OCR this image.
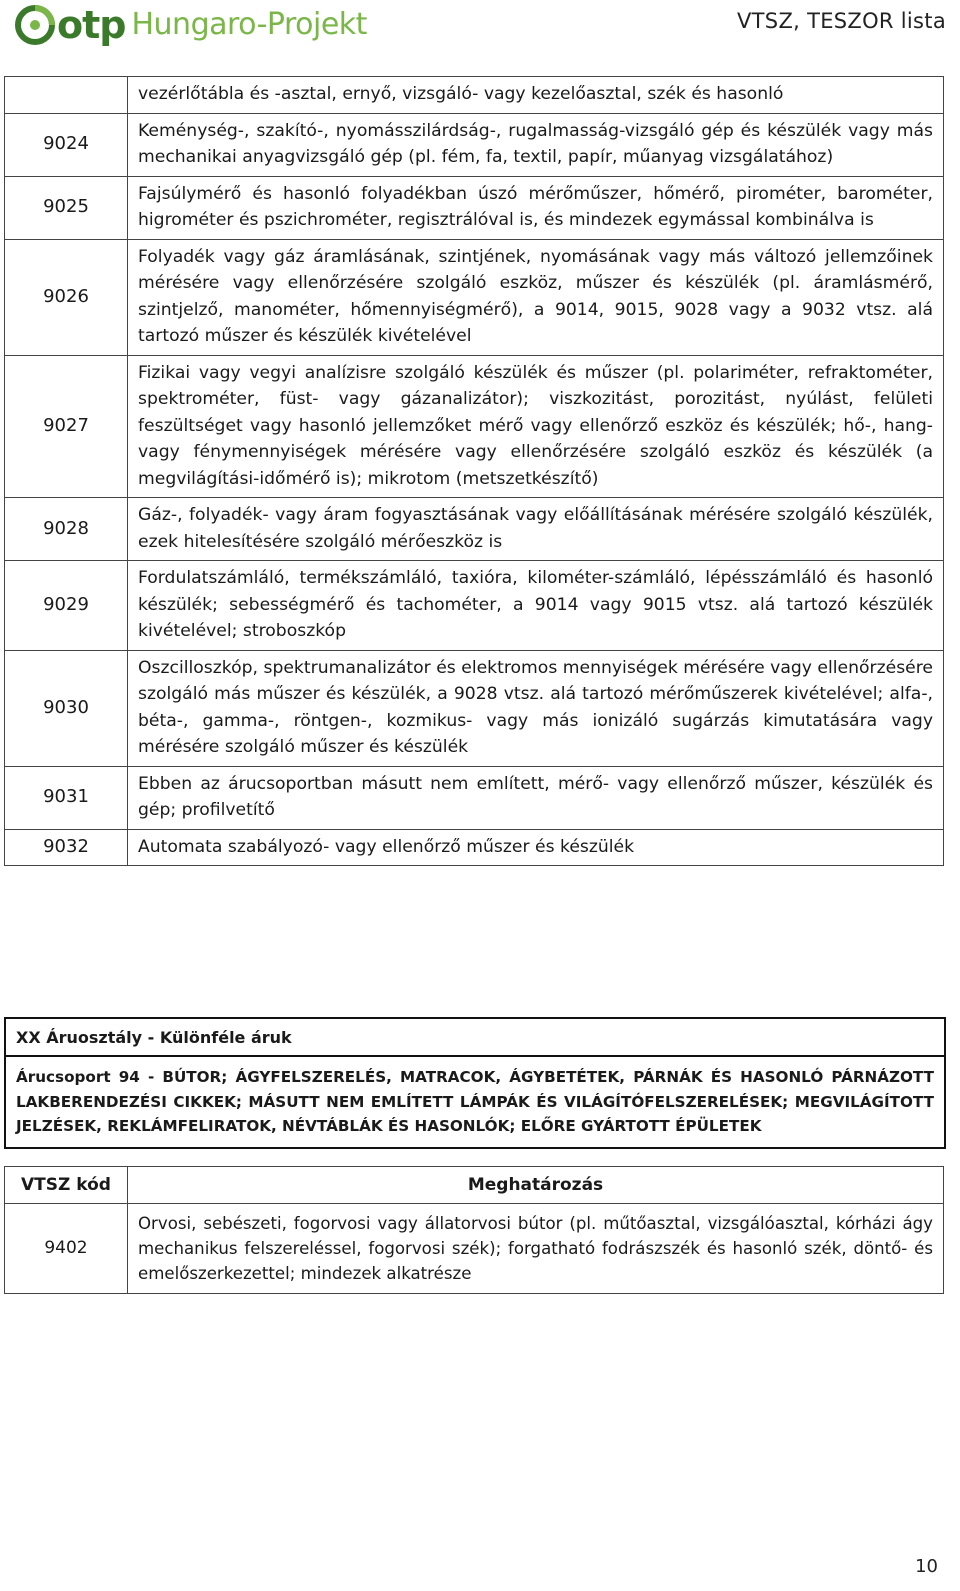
otp Hungaro-Projekt	VTSZ, TESZOR lista
	vezérlőtábla és -asztal, ernyő, vizsgáló- vagy kezelőasztal, szék és hasonló
9024	Keménység-, szakító-, nyomásszilárdság-, rugalmasság-vizsgáló gép és készülék vagy más mechanikai anyagvizsgáló gép (pl. fém, fa, textil, papír, műanyag vizsgálatához)
9025	Fajsúlymérő és hasonló folyadékban úszó mérőműszer, hőmérő, pirométer, barométer, higrométer és pszichrométer, regisztrálóval is, és mindezek egymással kombinálva is
9026	Folyadék vagy gáz áramlásának, szintjének, nyomásának vagy más változó jellemzőinek mérésére vagy ellenőrzésére szolgáló eszköz, műszer és készülék (pl. áramlásmérő, szintjelző, manométer, hőmennyiségmérő), a 9014, 9015, 9028 vagy a 9032 vtsz. alá tartozó műszer és készülék kivételével
9027	Fizikai vagy vegyi analízisre szolgáló készülék és műszer (pl. polariméter, refraktométer, spektrométer, füst- vagy gázanalizátor); viszkozitást, porozitást, nyúlást, felületi feszültséget vagy hasonló jellemzőket mérő vagy ellenőrző eszköz és készülék; hő-, hang- vagy fénymennyiségek mérésére vagy ellenőrzésére szolgáló eszköz és készülék (a megvilágítási-időmérő is); mikrotom (metszetkészítő)
9028	Gáz-, folyadék- vagy áram fogyasztásának vagy előállításának mérésére szolgáló készülék, ezek hitelesítésére szolgáló mérőeszköz is
9029	Fordulatszámláló, termékszámláló, taxióra, kilométer-számláló, lépésszámláló és hasonló készülék; sebességmérő és tachométer, a 9014 vagy 9015 vtsz. alá tartozó készülék kivételével; stroboszkóp
9030	Oszcilloszkóp, spektrumanalizátor és elektromos mennyiségek mérésére vagy ellenőrzésére szolgáló más műszer és készülék, a 9028 vtsz. alá tartozó mérőműszerek kivételével; alfa-, béta-, gamma-, röntgen-, kozmikus- vagy más ionizáló sugárzás kimutatására vagy mérésére szolgáló műszer és készülék
9031	Ebben az árucsoportban másutt nem említett, mérő- vagy ellenőrző műszer, készülék és gép; profilvetítő
9032	Automata szabályozó- vagy ellenőrző műszer és készülék
XX Áruosztály - Különféle áruk
Árucsoport 94 - BÚTOR; ÁGYFELSZERELÉS, MATRACOK, ÁGYBETÉTEK, PÁRNÁK ÉS HASONLÓ PÁRNÁZOTT LAKBERENDEZÉSI CIKKEK; MÁSUTT NEM EMLÍTETT LÁMPÁK ÉS VILÁGÍTÓFELSZERELÉSEK; MEGVILÁGÍTOTT JELZÉSEK, REKLÁMFELIRATOK, NÉVTÁBLÁK ÉS HASONLÓK; ELŐRE GYÁRTOTT ÉPÜLETEK
VTSZ kód	Meghatározás
9402	Orvosi, sebészeti, fogorvosi vagy állatorvosi bútor (pl. műtőasztal, vizsgálóasztal, kórházi ágy mechanikus felszereléssel, fogorvosi szék); forgatható fodrászszék és hasonló szék, döntő- és emelőszerkezettel; mindezek alkatrésze
10
